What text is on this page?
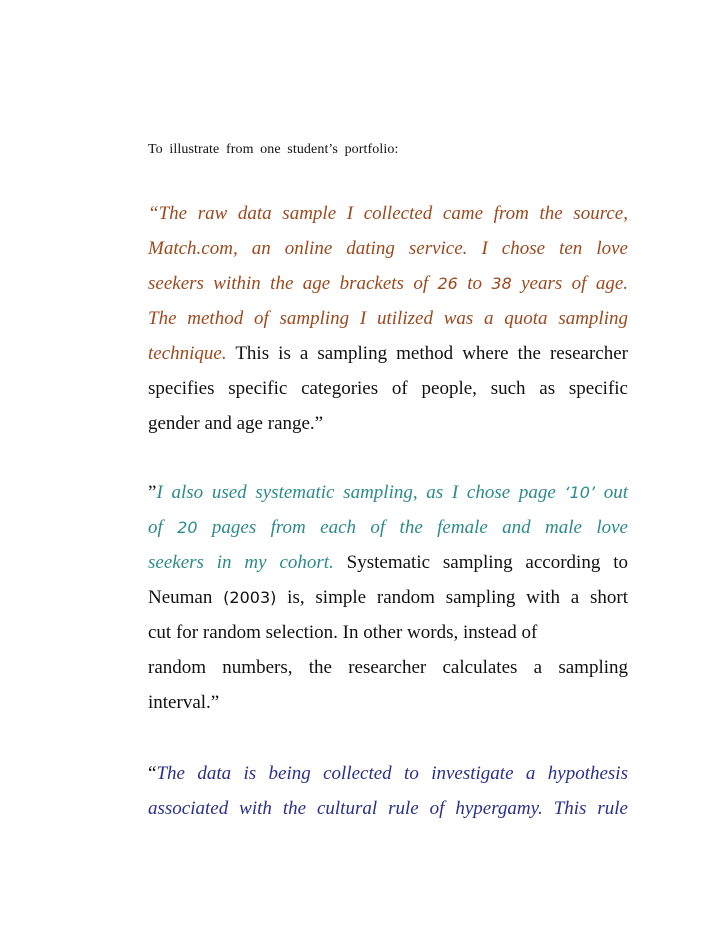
To illustrate from one student’s portfolio:
“The raw data sample I collected came from the source,
Match.com, an online dating service. I chose ten love
seekers within the age brackets of 26 to 38 years of age.
The method of sampling I utilized was a quota sampling
technique. This is a sampling method where the researcher
specifies specific categories of people, such as specific
gender and age range.”
”I also used systematic sampling, as I chose page ‘10’ out
of 20 pages from each of the female and male love
seekers in my cohort. Systematic sampling according to
Neuman (2003) is, simple random sampling with a short
cut for random selection. In other words, instead of
random numbers, the researcher calculates a sampling
interval.”
“The data is being collected to investigate a hypothesis
associated with the cultural rule of hypergamy. This rule
